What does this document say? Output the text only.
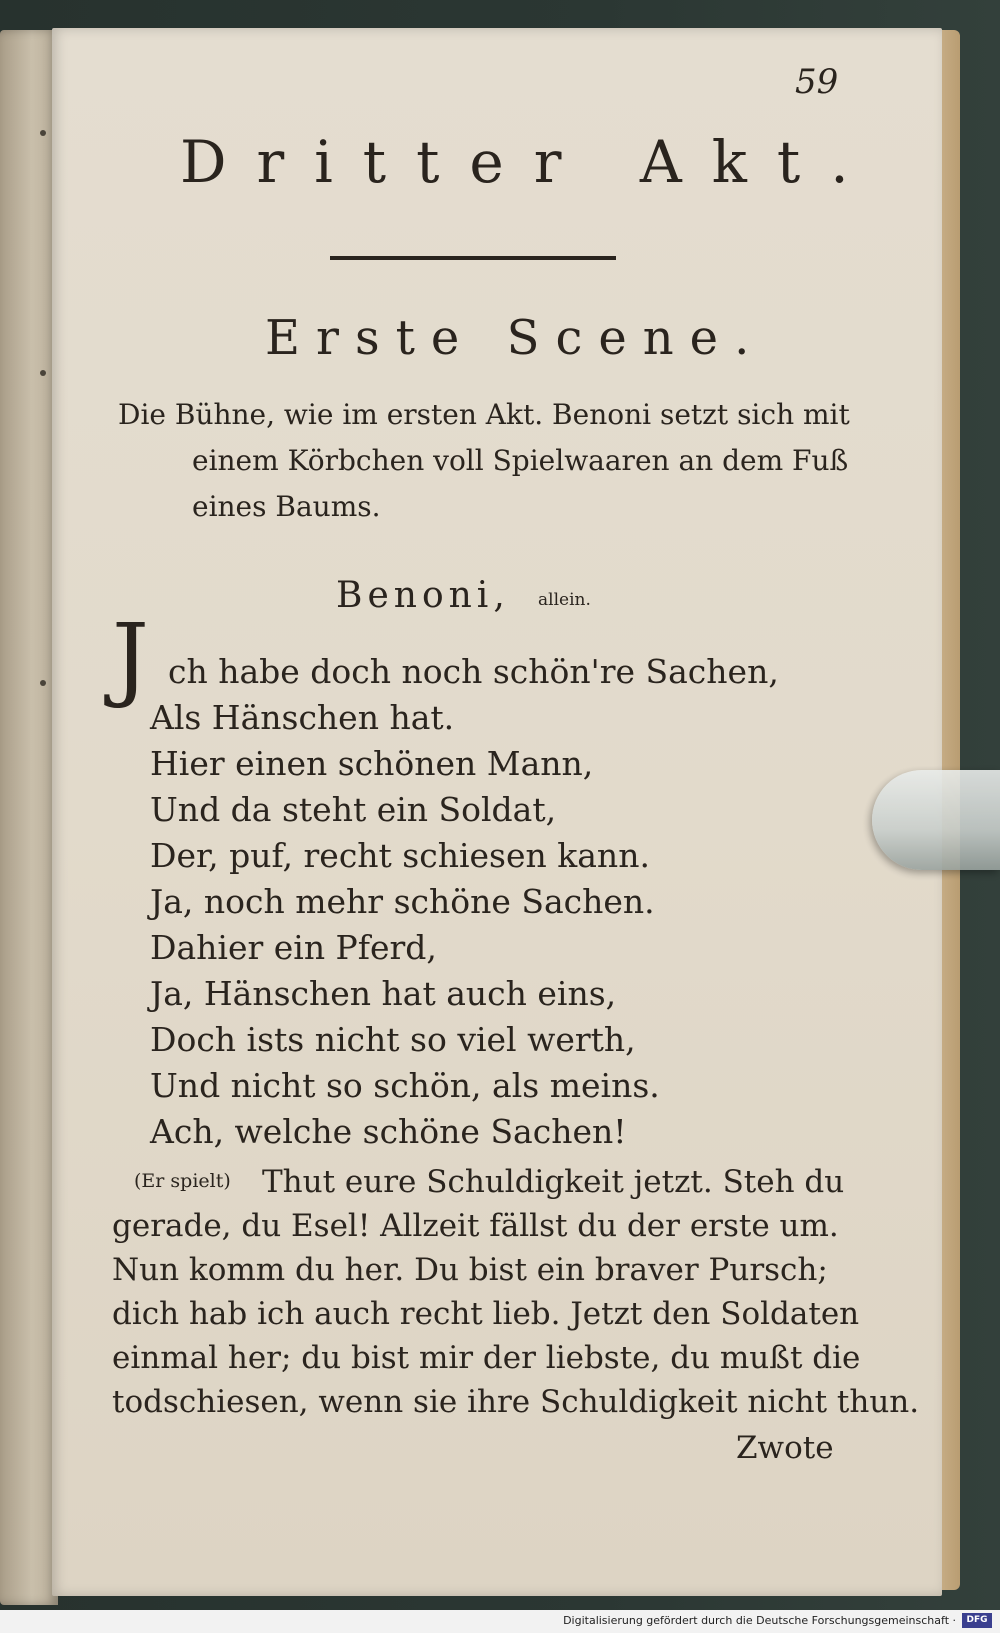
59
Dritter Akt.
Erste Scene.
Die Bühne, wie im ersten Akt. Benoni setzt sich mit
einem Körbchen voll Spielwaaren an dem Fuß
eines Baums.
Benoni, allein.
J ch habe doch noch schön're Sachen,
Als Hänschen hat.
Hier einen schönen Mann,
Und da steht ein Soldat,
Der, puf, recht schiesen kann.
Ja, noch mehr schöne Sachen.
Dahier ein Pferd,
Ja, Hänschen hat auch eins,
Doch ists nicht so viel werth,
Und nicht so schön, als meins.
Ach, welche schöne Sachen!
(Er spielt) Thut eure Schuldigkeit jetzt. Steh du
gerade, du Esel! Allzeit fällst du der erste um.
Nun komm du her. Du bist ein braver Pursch;
dich hab ich auch recht lieb. Jetzt den Soldaten
einmal her; du bist mir der liebste, du mußt die
todschiesen, wenn sie ihre Schuldigkeit nicht thun.
Zwote
Digitalisierung gefördert durch die Deutsche Forschungsgemeinschaft ·	DFG
